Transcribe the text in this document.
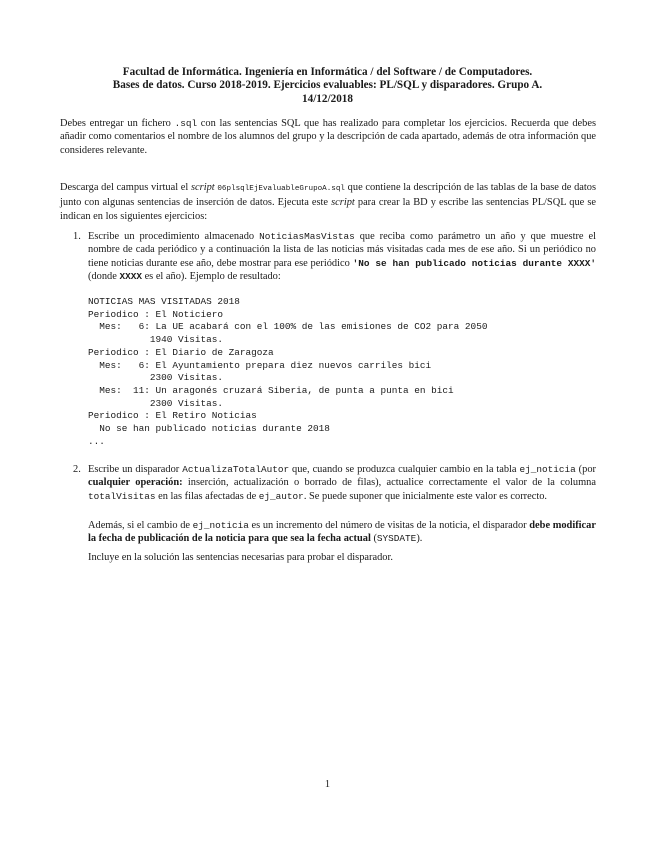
Facultad de Informática. Ingeniería en Informática / del Software / de Computadores.
Bases de datos. Curso 2018-2019. Ejercicios evaluables: PL/SQL y disparadores. Grupo A.
14/12/2018
Debes entregar un fichero .sql con las sentencias SQL que has realizado para completar los ejercicios. Recuerda que debes añadir como comentarios el nombre de los alumnos del grupo y la descripción de cada apartado, además de otra información que consideres relevante.
Descarga del campus virtual el script 06plsqlEjEvaluableGrupoA.sql que contiene la descripción de las tablas de la base de datos junto con algunas sentencias de inserción de datos. Ejecuta este script para crear la BD y escribe las sentencias PL/SQL que se indican en los siguientes ejercicios:
1. Escribe un procedimiento almacenado NoticiasMasVistas que reciba como parámetro un año y que muestre el nombre de cada periódico y a continuación la lista de las noticias más visitadas cada mes de ese año. Si un periódico no tiene noticias durante ese año, debe mostrar para ese periódico 'No se han publicado noticias durante XXXX' (donde XXXX es el año). Ejemplo de resultado:
NOTICIAS MAS VISITADAS 2018
Periodico : El Noticiero
Mes:   6: La UE acabará con el 100% de las emisiones de CO2 para 2050
1940 Visitas.
Periodico : El Diario de Zaragoza
Mes:   6: El Ayuntamiento prepara diez nuevos carriles bici
2300 Visitas.
Mes:  11: Un aragonés cruzará Siberia, de punta a punta en bici
2300 Visitas.
Periodico : El Retiro Noticias
No se han publicado noticias durante 2018
...
2. Escribe un disparador ActualizaTotalAutor que, cuando se produzca cualquier cambio en la tabla ej_noticia (por cualquier operación: inserción, actualización o borrado de filas), actualice correctamente el valor de la columna totalVisitas en las filas afectadas de ej_autor. Se puede suponer que inicialmente este valor es correcto.
Además, si el cambio de ej_noticia es un incremento del número de visitas de la noticia, el disparador debe modificar la fecha de publicación de la noticia para que sea la fecha actual (SYSDATE).
Incluye en la solución las sentencias necesarias para probar el disparador.
1
